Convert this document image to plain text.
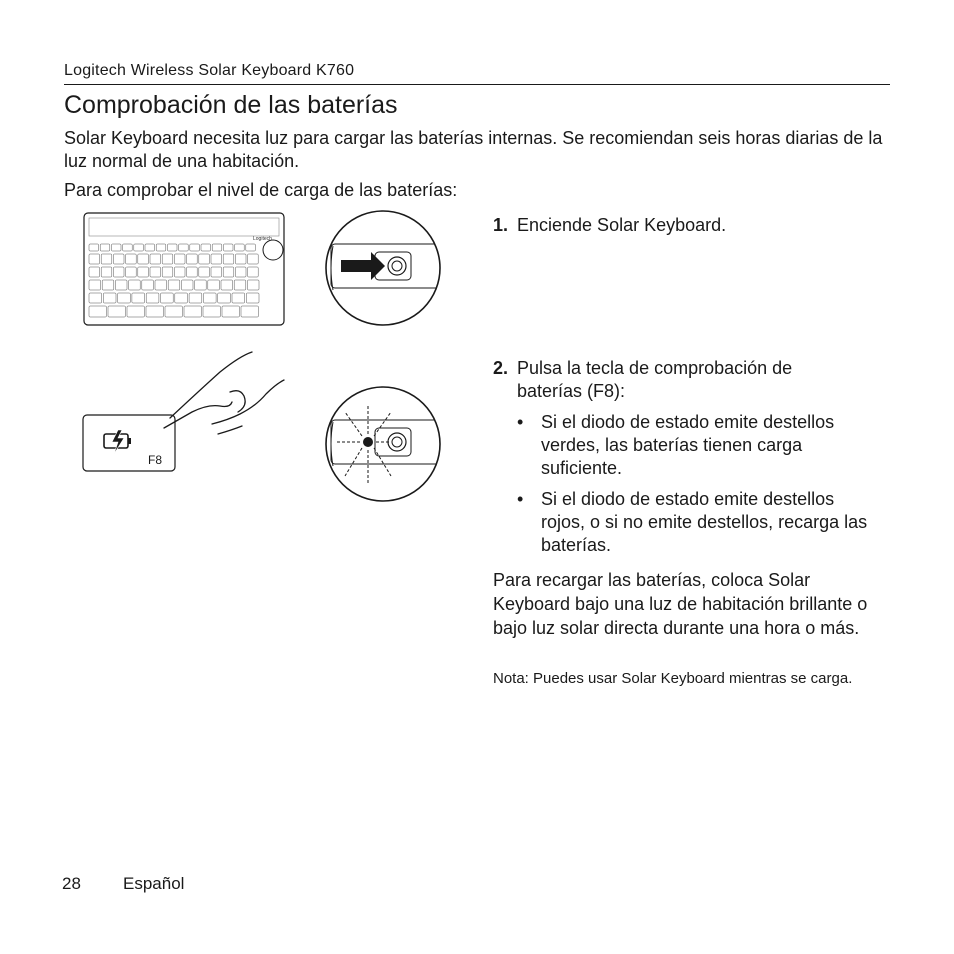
Logitech Wireless Solar Keyboard K760
Comprobación de las baterías

Solar Keyboard necesita luz para cargar las baterías internas. Se recomiendan seis horas diarias de la luz normal de una habitación.

Para comprobar el nivel de carga de las baterías:

Logitech
F8
1. Enciende Solar Keyboard.
2. Pulsa la tecla de comprobación de baterías (F8):
• Si el diodo de estado emite destellos verdes, las baterías tienen carga suficiente.
• Si el diodo de estado emite destellos rojos, o si no emite destellos, recarga las baterías.

Para recargar las baterías, coloca Solar Keyboard bajo una luz de habitación brillante o bajo luz solar directa durante una hora o más.

Nota: Puedes usar Solar Keyboard mientras se carga.

28 Español
